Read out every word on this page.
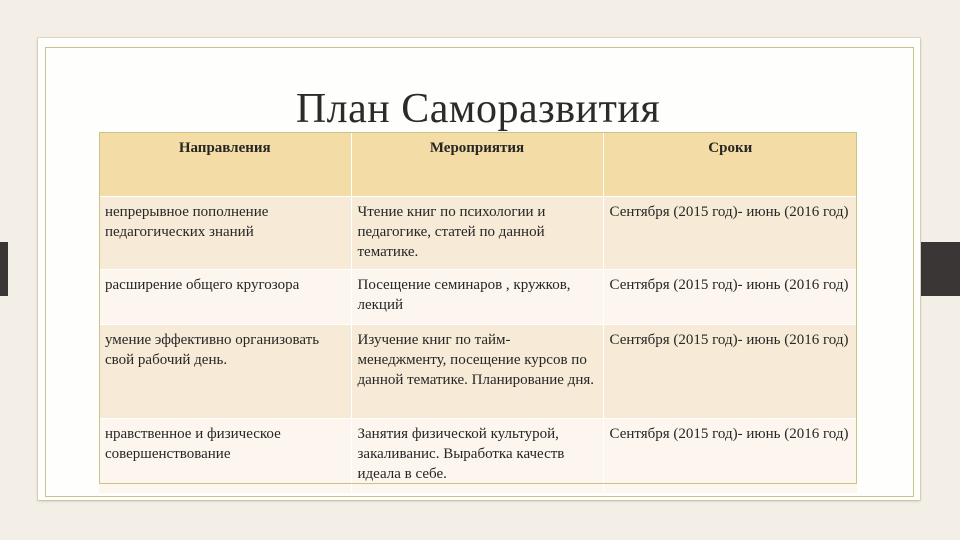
План Саморазвития
Направления	Мероприятия	Сроки
непрерывное пополнение педагогических знаний	Чтение книг по психологии и педагогике, статей по данной тематике.	Сентября (2015 год)- июнь (2016 год)
расширение общего кругозора	Посещение семинаров , кружков, лекций	Сентября (2015 год)- июнь (2016 год)
умение эффективно организовать свой рабочий день.	Изучение книг по тайм-менеджменту, посещение курсов по данной тематике. Планирование дня.	Сентября (2015 год)- июнь (2016 год)
нравственное и физическое совершенствование	Занятия физической культурой, закаливанис. Выработка качеств идеала в себе.	Сентября (2015 год)- июнь (2016 год)
